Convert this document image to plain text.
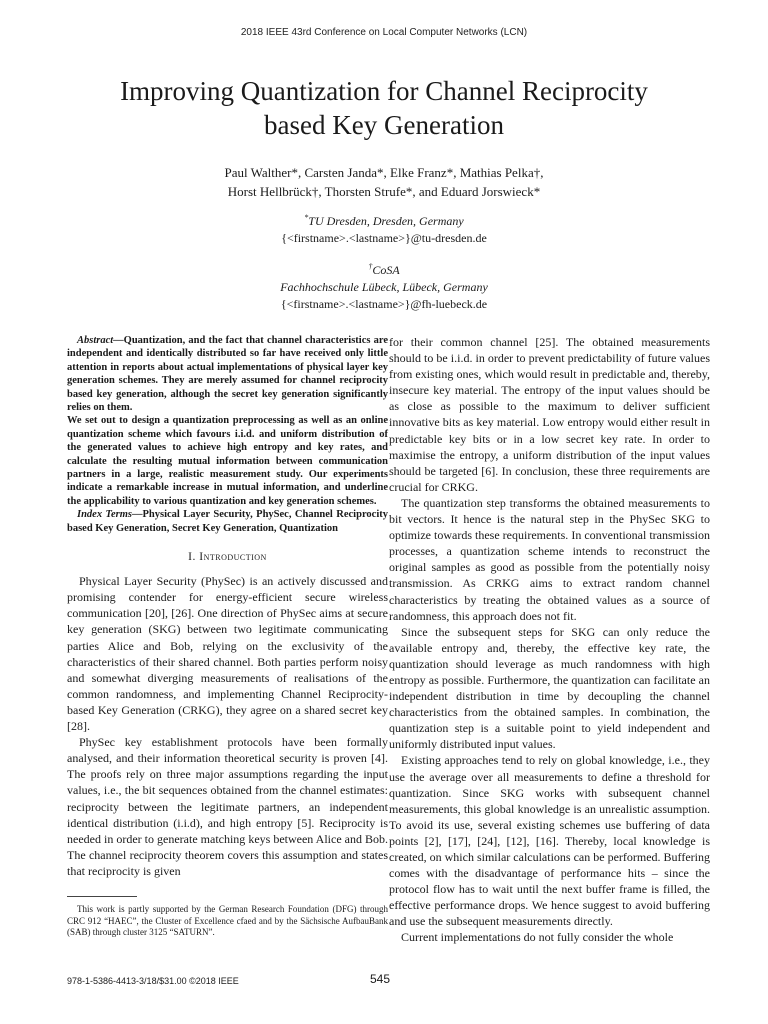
2018 IEEE 43rd Conference on Local Computer Networks (LCN)
Improving Quantization for Channel Reciprocity
based Key Generation
Paul Walther*, Carsten Janda*, Elke Franz*, Mathias Pelka†,
Horst Hellbrück†, Thorsten Strufe*, and Eduard Jorswieck*
*TU Dresden, Dresden, Germany
{<firstname>.<lastname>}@tu-dresden.de
†CoSA
Fachhochschule Lübeck, Lübeck, Germany
{<firstname>.<lastname>}@fh-luebeck.de

Abstract—Quantization, and the fact that channel characteristics are independent and identically distributed so far have received only little attention in reports about actual implementations of physical layer key generation schemes. They are merely assumed for channel reciprocity based key generation, although the secret key generation significantly relies on them.

We set out to design a quantization preprocessing as well as an online quantization scheme which favours i.i.d. and uniform distribution of the generated values to achieve high entropy and key rates, and calculate the resulting mutual information between communication partners in a large, realistic measurement study. Our experiments indicate a remarkable increase in mutual information, and underline the applicability to various quantization and key generation schemes.

Index Terms—Physical Layer Security, PhySec, Channel Reciprocity based Key Generation, Secret Key Generation, Quantization

I. Introduction

Physical Layer Security (PhySec) is an actively discussed and promising contender for energy-efficient secure wireless communication [20], [26]. One direction of PhySec aims at secure key generation (SKG) between two legitimate communicating parties Alice and Bob, relying on the exclusivity of the characteristics of their shared channel. Both parties perform noisy and somewhat diverging measurements of realisations of the common randomness, and implementing Channel Reciprocity-based Key Generation (CRKG), they agree on a shared secret key [28].

PhySec key establishment protocols have been formally analysed, and their information theoretical security is proven [4]. The proofs rely on three major assumptions regarding the input values, i.e., the bit sequences obtained from the channel estimates: reciprocity between the legitimate partners, an independent identical distribution (i.i.d), and high entropy [5]. Reciprocity is needed in order to generate matching keys between Alice and Bob. The channel reciprocity theorem covers this assumption and states that reciprocity is given

This work is partly supported by the German Research Foundation (DFG) through CRC 912 “HAEC”, the Cluster of Excellence cfaed and by the Sächsische AufbauBank (SAB) through cluster 3125 “SATURN”.

for their common channel [25]. The obtained measurements should to be i.i.d. in order to prevent predictability of future values from existing ones, which would result in predictable and, thereby, insecure key material. The entropy of the input values should be as close as possible to the maximum to deliver sufficient innovative bits as key material. Low entropy would either result in predictable key bits or in a low secret key rate. In order to maximise the entropy, a uniform distribution of the input values should be targeted [6]. In conclusion, these three requirements are crucial for CRKG.

The quantization step transforms the obtained measurements to bit vectors. It hence is the natural step in the PhySec SKG to optimize towards these requirements. In conventional transmission processes, a quantization scheme intends to reconstruct the original samples as good as possible from the potentially noisy transmission. As CRKG aims to extract random channel characteristics by treating the obtained values as a source of randomness, this approach does not fit.

Since the subsequent steps for SKG can only reduce the available entropy and, thereby, the effective key rate, the quantization should leverage as much randomness with high entropy as possible. Furthermore, the quantization can facilitate an independent distribution in time by decoupling the channel characteristics from the obtained samples. In combination, the quantization step is a suitable point to yield independent and uniformly distributed input values.

Existing approaches tend to rely on global knowledge, i.e., they use the average over all measurements to define a threshold for quantization. Since SKG works with subsequent channel measurements, this global knowledge is an unrealistic assumption. To avoid its use, several existing schemes use buffering of data points [2], [17], [24], [12], [16]. Thereby, local knowledge is created, on which similar calculations can be performed. Buffering comes with the disadvantage of performance hits – since the protocol flow has to wait until the next buffer frame is filled, the effective performance drops. We hence suggest to avoid buffering and use the subsequent measurements directly.

Current implementations do not fully consider the whole

978-1-5386-4413-3/18/$31.00 ©2018 IEEE	545
